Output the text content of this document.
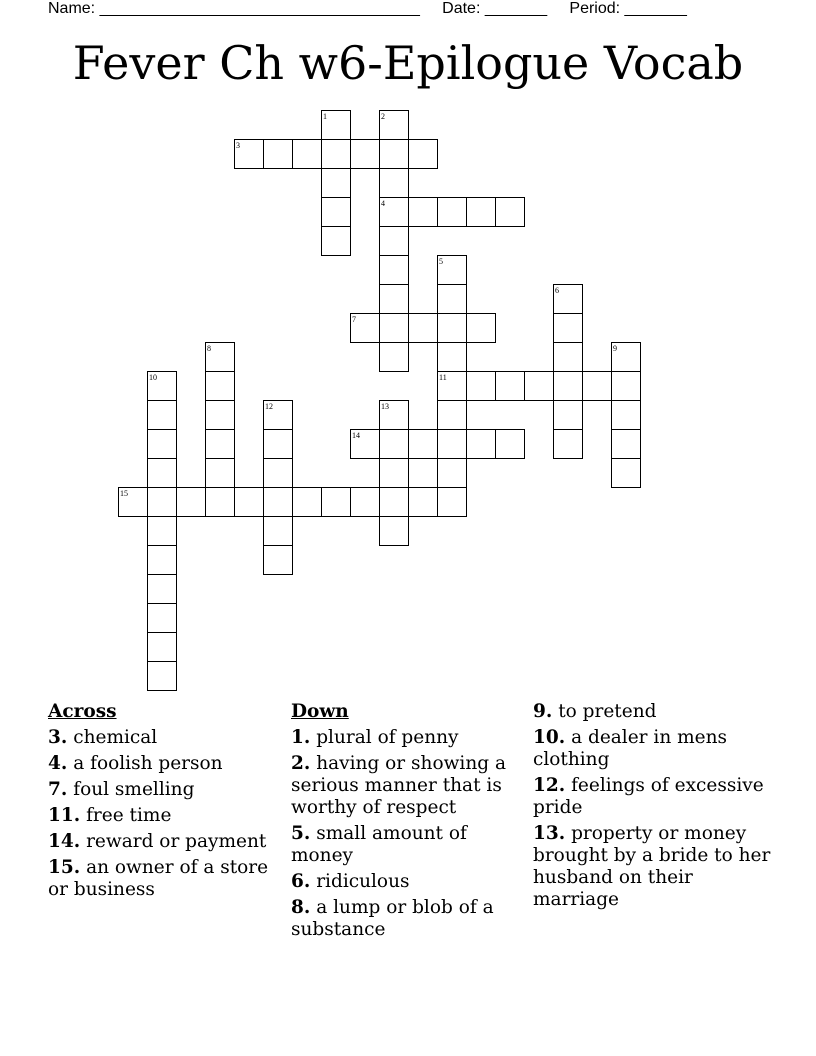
Name: ____________________________________ Date: _______ Period: _______
Fever Ch w6-Epilogue Vocab
1	2
3
4
5
6
7
8	9
10	11
12	13
14
15
Across
3. chemical
4. a foolish person
7. foul smelling
11. free time
14. reward or payment
15. an owner of a store or business
Down
1. plural of penny
2. having or showing a serious manner that is worthy of respect
5. small amount of money
6. ridiculous
8. a lump or blob of a substance
9. to pretend
10. a dealer in mens clothing
12. feelings of excessive pride
13. property or money brought by a bride to her husband on their marriage
